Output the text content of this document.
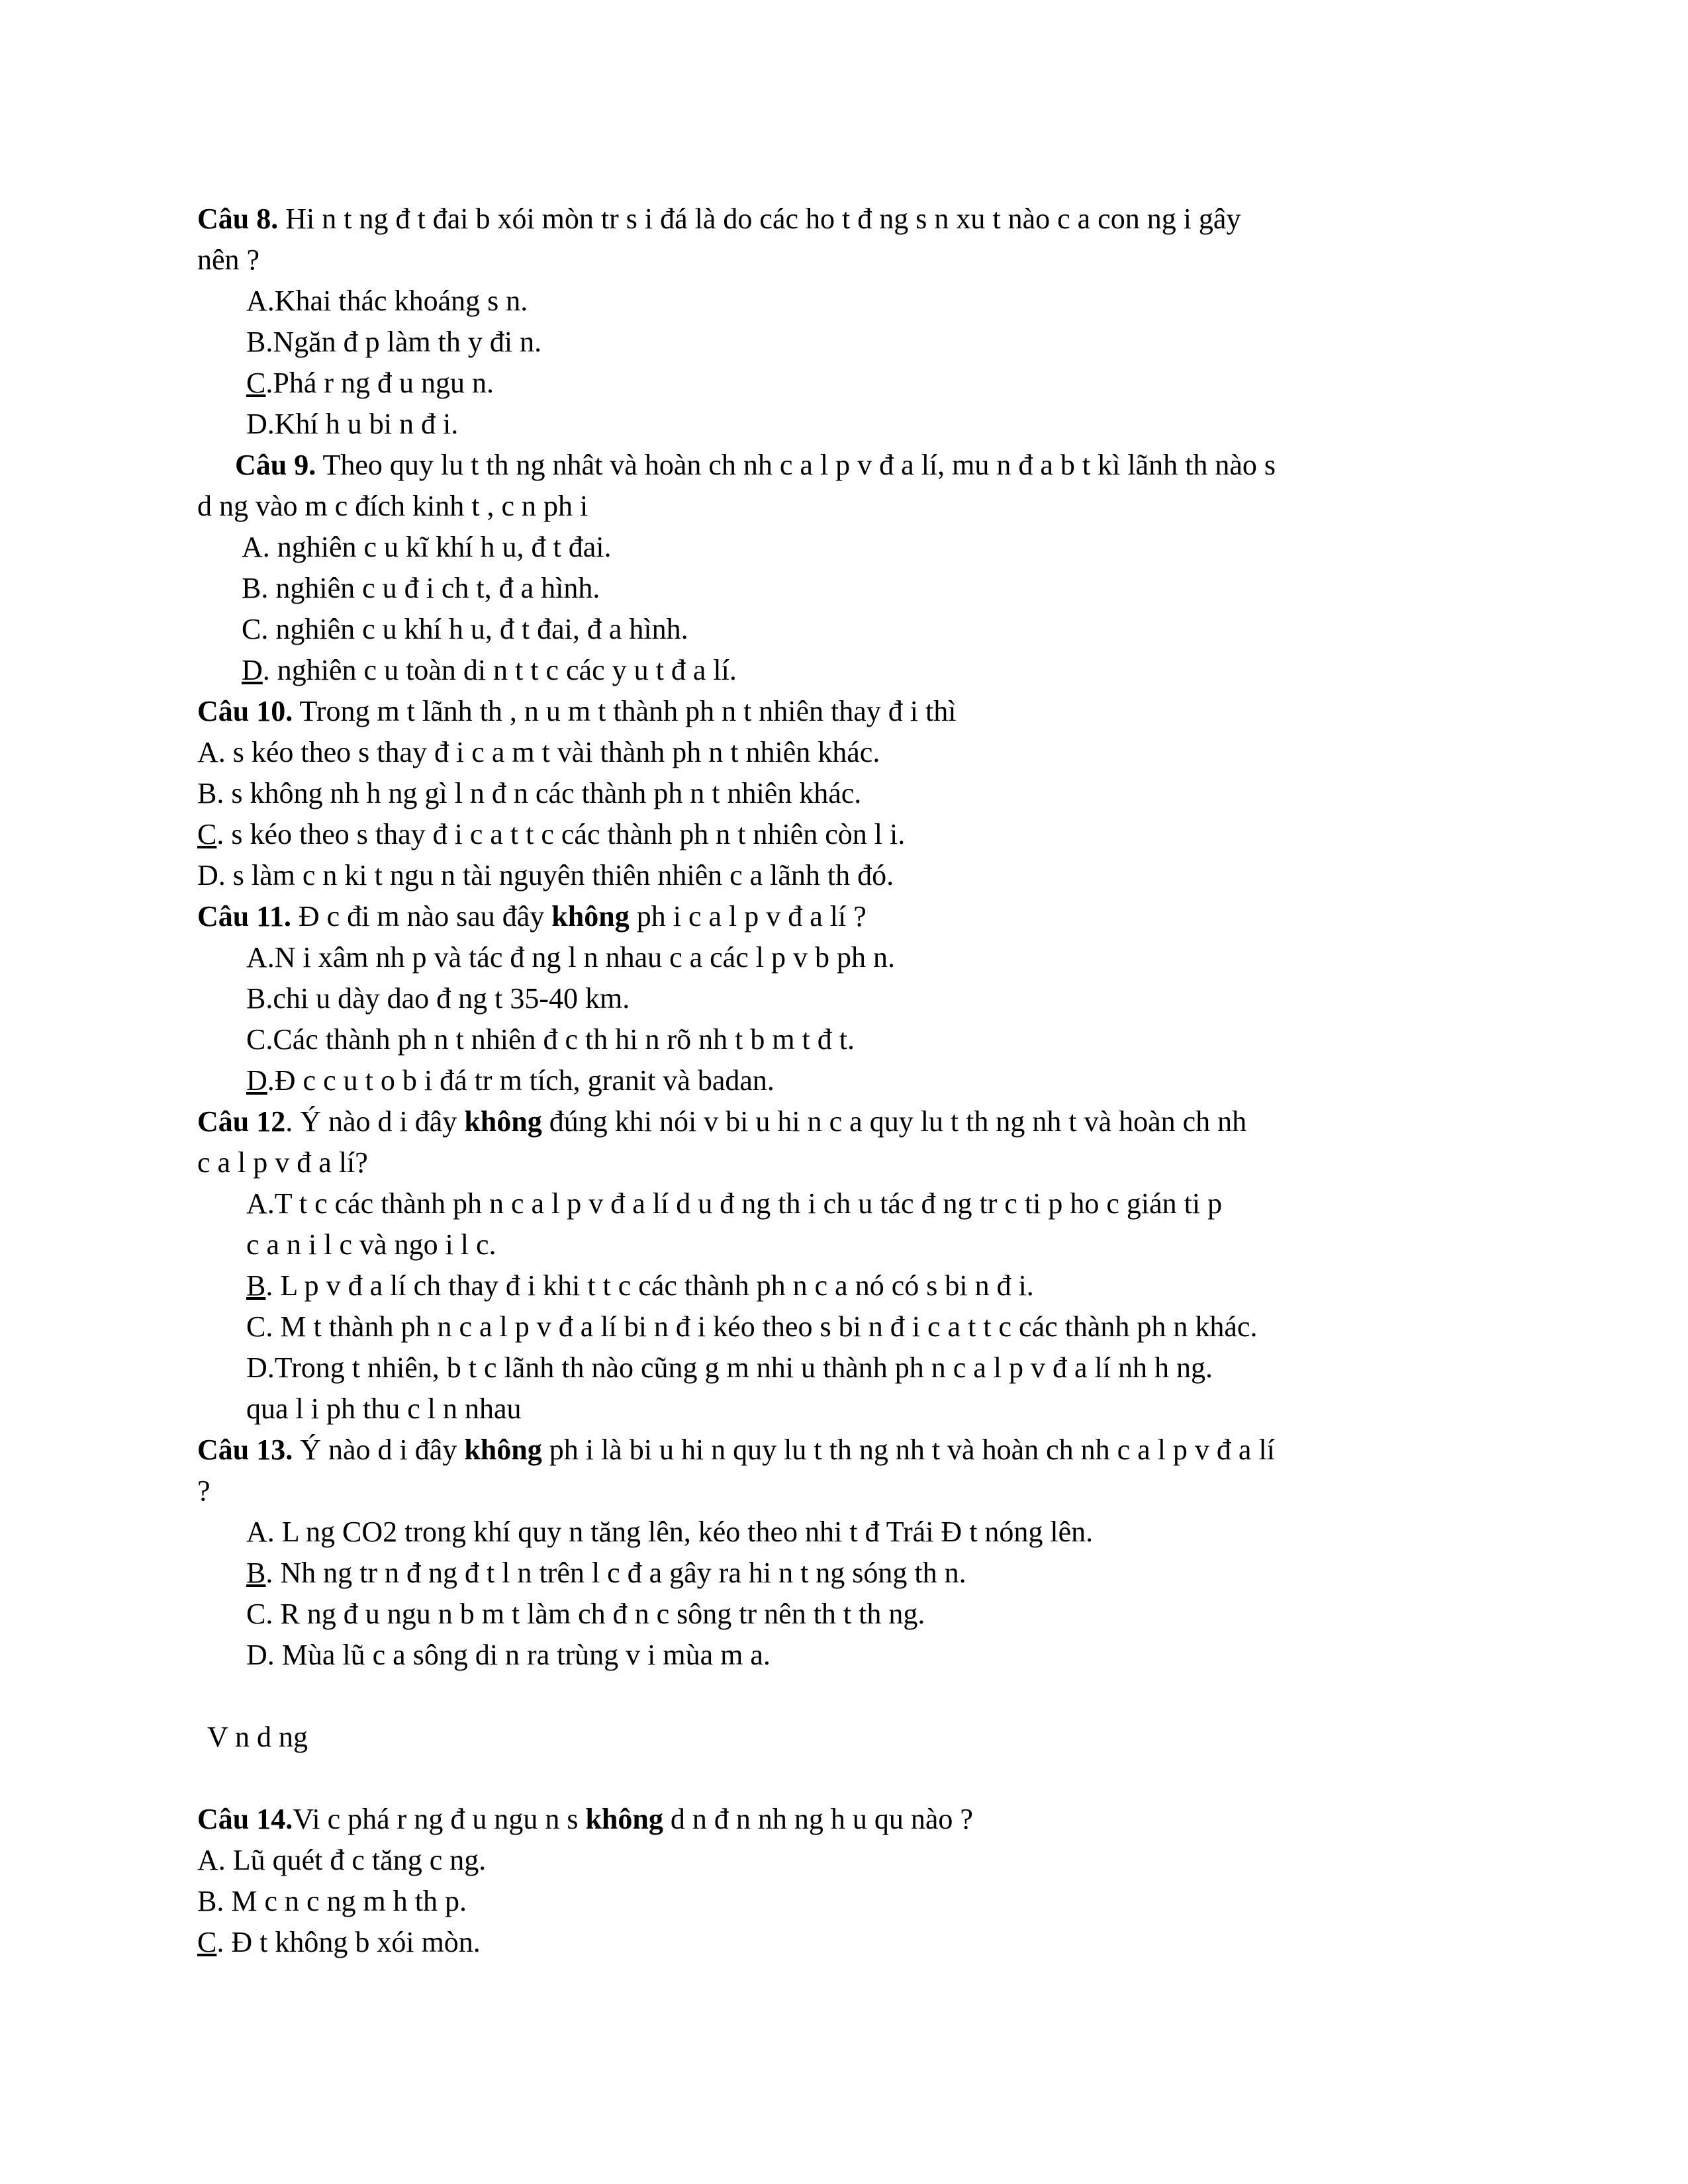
Câu 8. Hi n t ng đ t đai b xói mòn tr s i đá là do các ho t đ ng s n xu t nào c a con ng i gây
nên ?
A.Khai thác khoáng s n.
B.Ngăn đ p làm th y đi n.
C.Phá r ng đ u ngu n.
D.Khí h u bi n đ i.
Câu 9. Theo quy lu t th ng nhât và hoàn ch nh c a l p v đ a lí, mu n đ a b t kì lãnh th nào s
d ng vào m c đích kinh t , c n ph i
A. nghiên c u kĩ khí h u, đ t đai.
B. nghiên c u đ i ch t, đ a hình.
C. nghiên c u khí h u, đ t đai, đ a hình.
D. nghiên c u toàn di n t t c các y u t đ a lí.
Câu 10. Trong m t lãnh th , n u m t thành ph n t nhiên thay đ i thì
A. s kéo theo s thay đ i c a m t vài thành ph n t nhiên khác.
B. s không nh h ng gì l n đ n các thành ph n t nhiên khác.
C. s kéo theo s thay đ i c a t t c các thành ph n t nhiên còn l i.
D. s làm c n ki t ngu n tài nguyên thiên nhiên c a lãnh th đó.
Câu 11. Đ c đi m nào sau đây không ph i c a l p v đ a lí ?
A.N i xâm nh p và tác đ ng l n nhau c a các l p v b ph n.
B.chi u dày dao đ ng t 35-40 km.
C.Các thành ph n t nhiên đ c th hi n rõ nh t b m t đ t.
D.Đ c c u t o b i đá tr m tích, granit và badan.
Câu 12. Ý nào d i đây không đúng khi nói v bi u hi n c a quy lu t th ng nh t và hoàn ch nh
c a l p v đ a lí?
A.T t c các thành ph n c a l p v đ a lí d u đ ng th i ch u tác đ ng tr c ti p ho c gián ti p
c a n i l c và ngo i l c.
B. L p v đ a lí ch thay đ i khi t t c các thành ph n c a nó có s bi n đ i.
C. M t thành ph n c a l p v đ a lí bi n đ i kéo theo s bi n đ i c a t t c các thành ph n khác.
D.Trong t nhiên, b t c lãnh th nào cũng g m nhi u thành ph n c a l p v đ a lí nh h ng.
qua l i ph thu c l n nhau
Câu 13. Ý nào d i đây không ph i là bi u hi n quy lu t th ng nh t và hoàn ch nh c a l p v đ a lí
?
A. L ng CO2 trong khí quy n tăng lên, kéo theo nhi t đ Trái Đ t nóng lên.
B. Nh ng tr n đ ng đ t l n trên l c đ a gây ra hi n t ng sóng th n.
C. R ng đ u ngu n b m t làm ch đ n c sông tr nên th t th ng.
D. Mùa lũ c a sông di n ra trùng v i mùa m a.
V n d ng
Câu 14.Vi c phá r ng đ u ngu n s không d n đ n nh ng h u qu nào ?
A. Lũ quét đ c tăng c ng.
B. M c n c ng m h th p.
C. Đ t không b xói mòn.
